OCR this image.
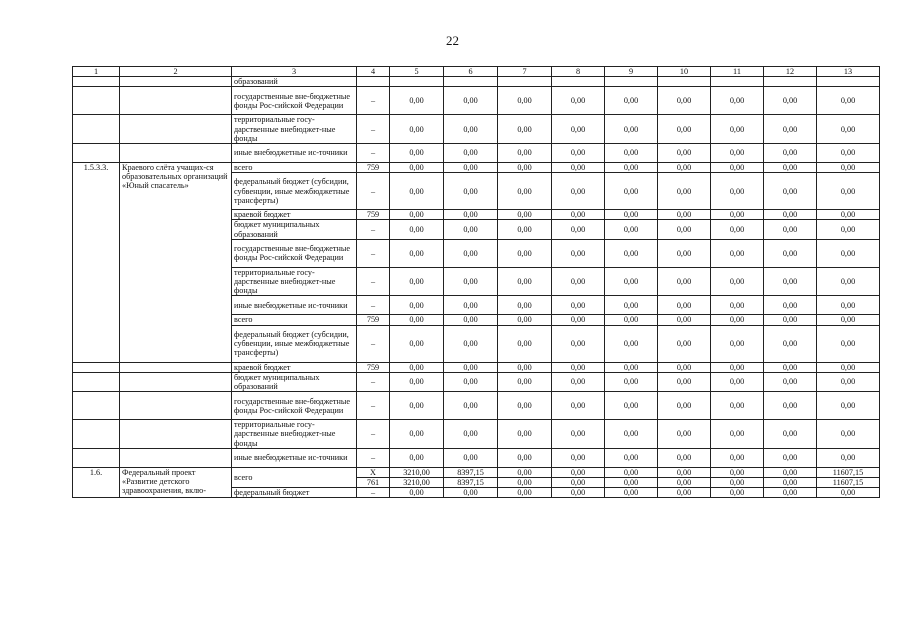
22
1	2	3	4	5	6	7	8	9	10	11	12	13
		образований										
		государственные вне-бюджетные фонды Рос-сийской Федерации	–	0,00	0,00	0,00	0,00	0,00	0,00	0,00	0,00	0,00
		территориальные госу-дарственные внебюджет-ные фонды	–	0,00	0,00	0,00	0,00	0,00	0,00	0,00	0,00	0,00
		иные внебюджетные ис-точники	–	0,00	0,00	0,00	0,00	0,00	0,00	0,00	0,00	0,00
1.5.3.3.	Краевого слёта учащих-ся образовательных организаций «Юный спасатель»	всего	759	0,00	0,00	0,00	0,00	0,00	0,00	0,00	0,00	0,00
		федеральный бюджет (субсидии, субвенции, иные межбюджетные трансферты)	–	0,00	0,00	0,00	0,00	0,00	0,00	0,00	0,00	0,00
		краевой бюджет	759	0,00	0,00	0,00	0,00	0,00	0,00	0,00	0,00	0,00
		бюджет муниципальных образований	–	0,00	0,00	0,00	0,00	0,00	0,00	0,00	0,00	0,00
		государственные вне-бюджетные фонды Рос-сийской Федерации	–	0,00	0,00	0,00	0,00	0,00	0,00	0,00	0,00	0,00
		территориальные госу-дарственные внебюджет-ные фонды	–	0,00	0,00	0,00	0,00	0,00	0,00	0,00	0,00	0,00
		иные внебюджетные ис-точники	–	0,00	0,00	0,00	0,00	0,00	0,00	0,00	0,00	0,00
		всего	759	0,00	0,00	0,00	0,00	0,00	0,00	0,00	0,00	0,00
		федеральный бюджет (субсидии, субвенции, иные межбюджетные трансферты)	–	0,00	0,00	0,00	0,00	0,00	0,00	0,00	0,00	0,00
		краевой бюджет	759	0,00	0,00	0,00	0,00	0,00	0,00	0,00	0,00	0,00
		бюджет муниципальных образований	–	0,00	0,00	0,00	0,00	0,00	0,00	0,00	0,00	0,00
		государственные вне-бюджетные фонды Рос-сийской Федерации	–	0,00	0,00	0,00	0,00	0,00	0,00	0,00	0,00	0,00
		территориальные госу-дарственные внебюджет-ные фонды	–	0,00	0,00	0,00	0,00	0,00	0,00	0,00	0,00	0,00
		иные внебюджетные ис-точники	–	0,00	0,00	0,00	0,00	0,00	0,00	0,00	0,00	0,00
1.6.	Федеральный проект «Развитие детского здравоохранения, вклю-	всего	Х	3210,00	8397,15	0,00	0,00	0,00	0,00	0,00	0,00	11607,15
			761	3210,00	8397,15	0,00	0,00	0,00	0,00	0,00	0,00	11607,15
		федеральный бюджет	–	0,00	0,00	0,00	0,00	0,00	0,00	0,00	0,00	0,00
